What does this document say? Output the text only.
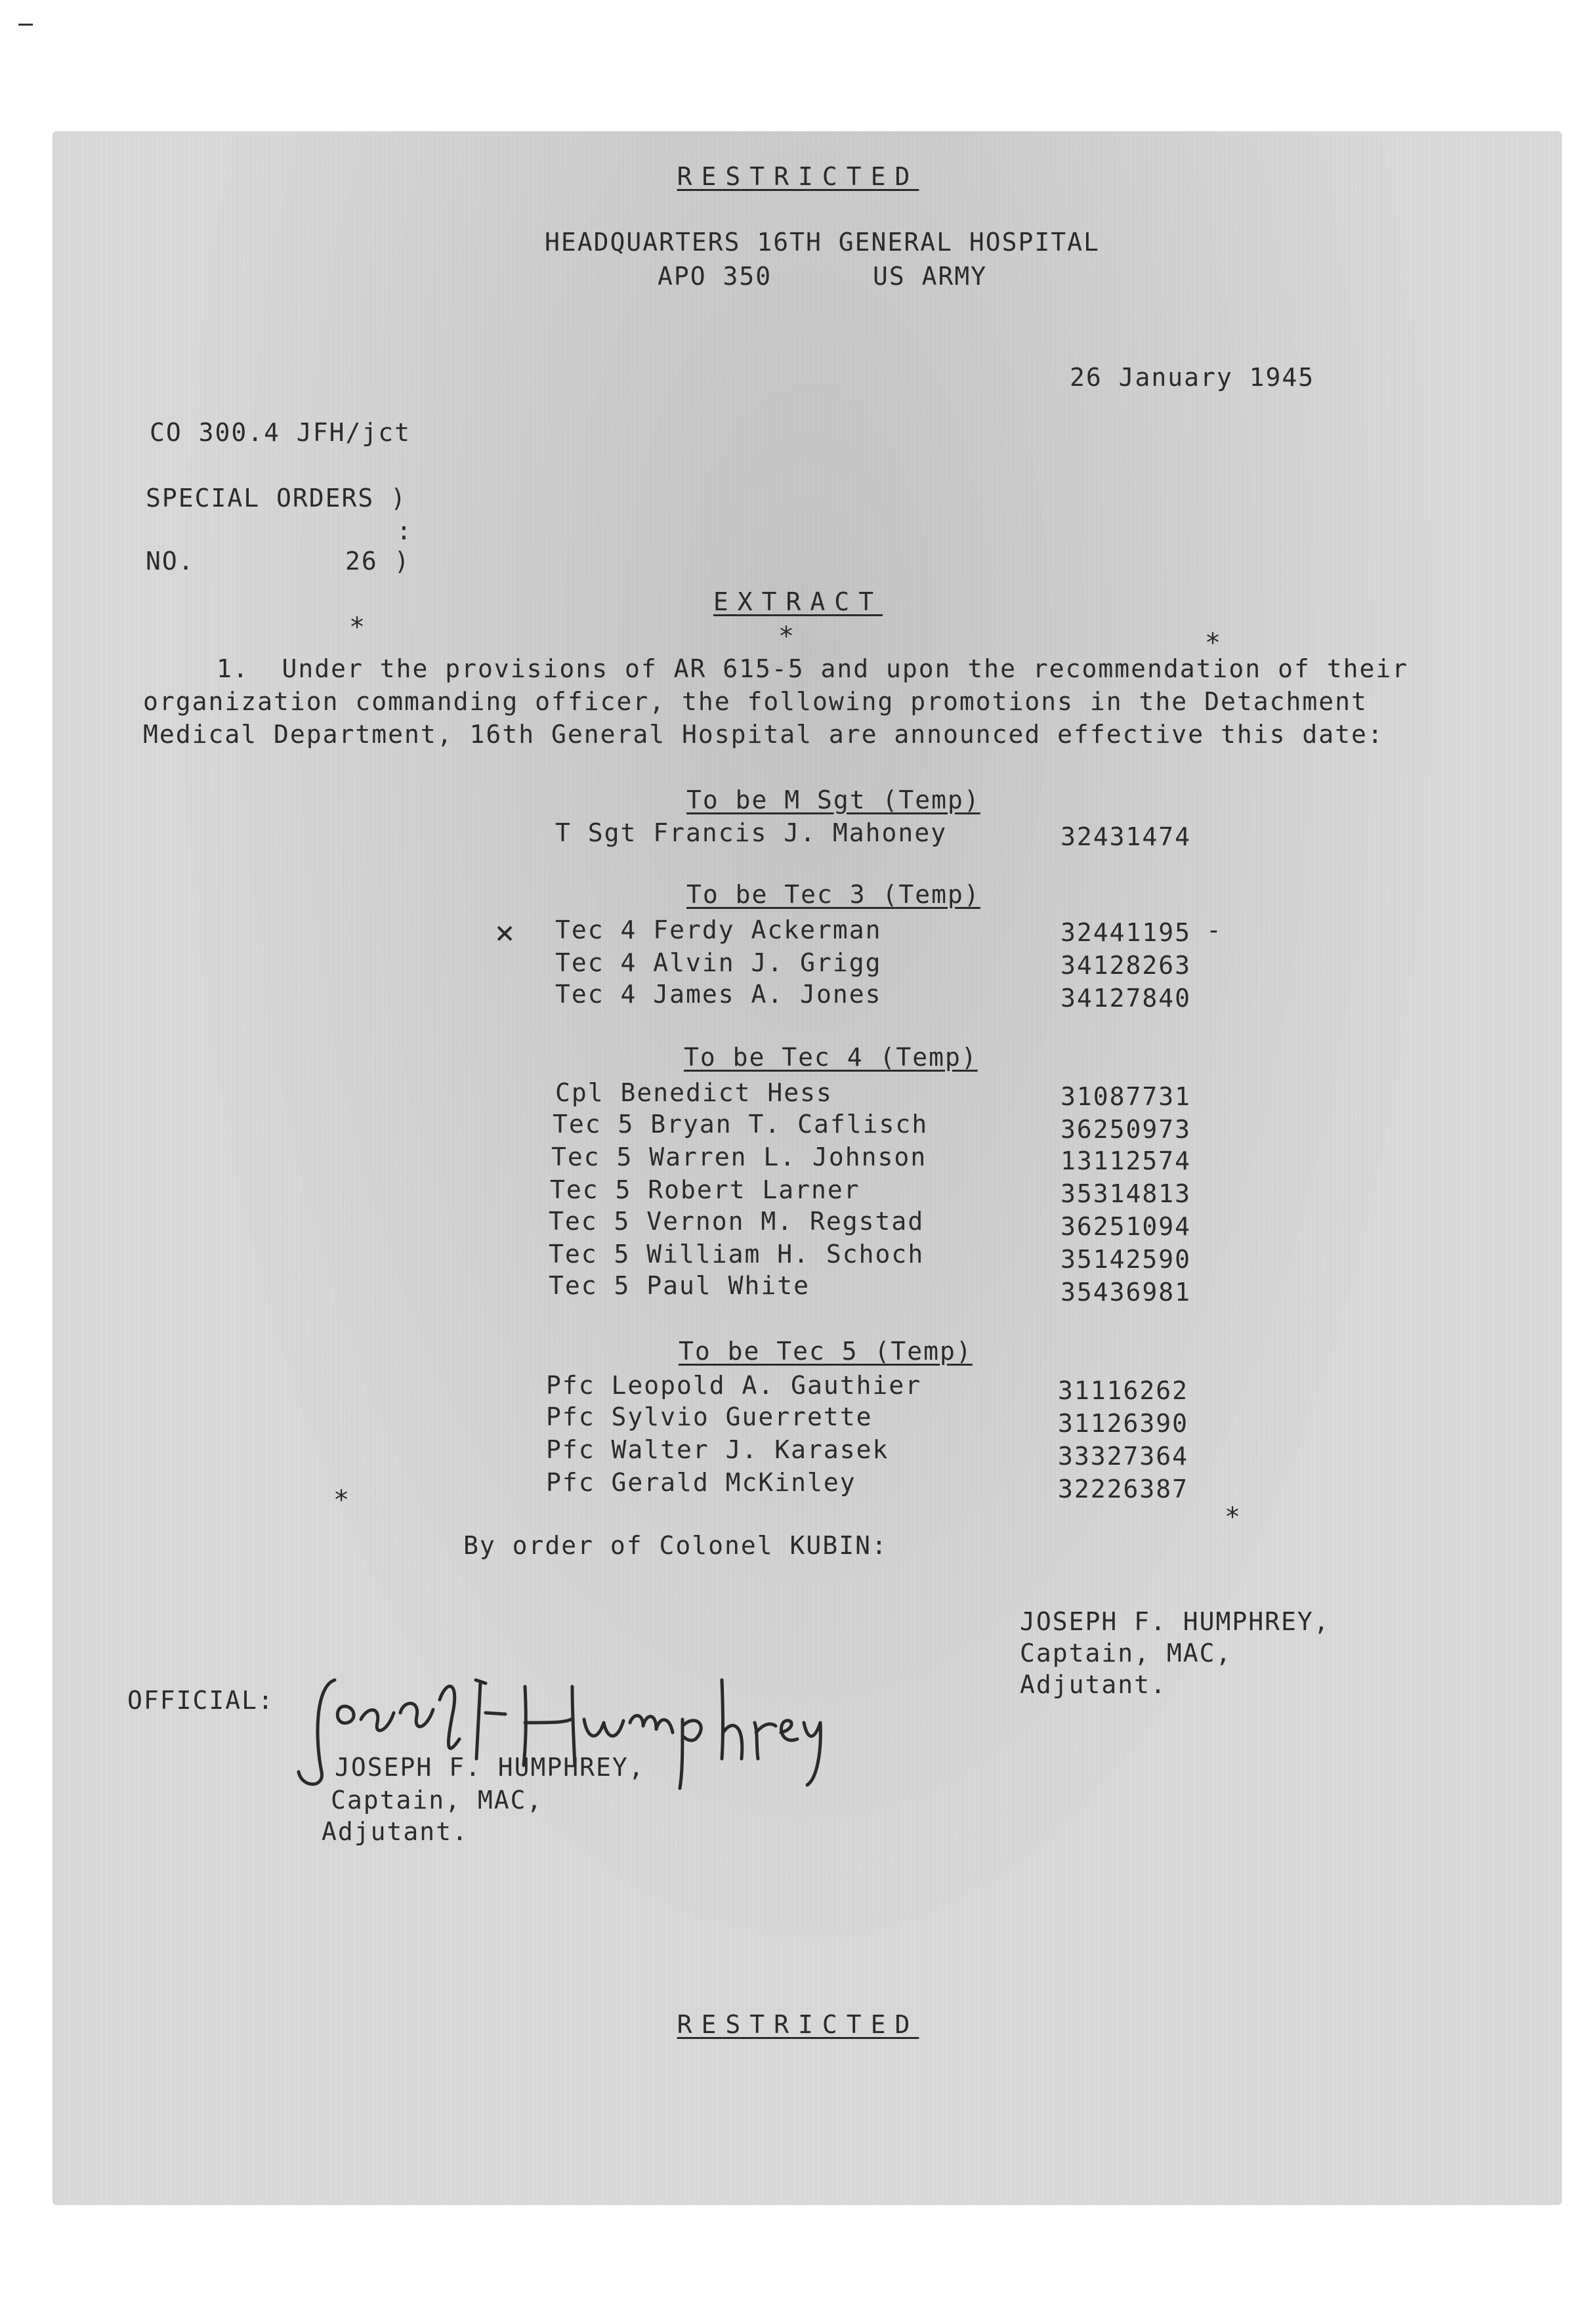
RESTRICTED
HEADQUARTERS 16TH GENERAL HOSPITAL
APO 350	US ARMY
26 January 1945
CO 300.4 JFH/jct
SPECIAL ORDERS )
:
NO.	26 )
EXTRACT
*	*	*
1.  Under the provisions of AR 615-5 and upon the recommendation of their
organization commanding officer, the following promotions in the Detachment
Medical Department, 16th General Hospital are announced effective this date:
To be M Sgt (Temp)
T Sgt Francis J. Mahoney	32431474
To be Tec 3 (Temp)
× Tec 4 Ferdy Ackerman	32441195 -
Tec 4 Alvin J. Grigg	34128263
Tec 4 James A. Jones	34127840
To be Tec 4 (Temp)
Cpl Benedict Hess	31087731
Tec 5 Bryan T. Caflisch	36250973
Tec 5 Warren L. Johnson	13112574
Tec 5 Robert Larner	35314813
Tec 5 Vernon M. Regstad	36251094
Tec 5 William H. Schoch	35142590
Tec 5 Paul White	35436981
To be Tec 5 (Temp)
Pfc Leopold A. Gauthier	31116262
Pfc Sylvio Guerrette	31126390
Pfc Walter J. Karasek	33327364
Pfc Gerald McKinley	32226387
*
*
By order of Colonel KUBIN:
JOSEPH F. HUMPHREY,
Captain, MAC,
Adjutant.
OFFICIAL:
JOSEPH F. HUMPHREY,
Captain, MAC,
Adjutant.
RESTRICTED
